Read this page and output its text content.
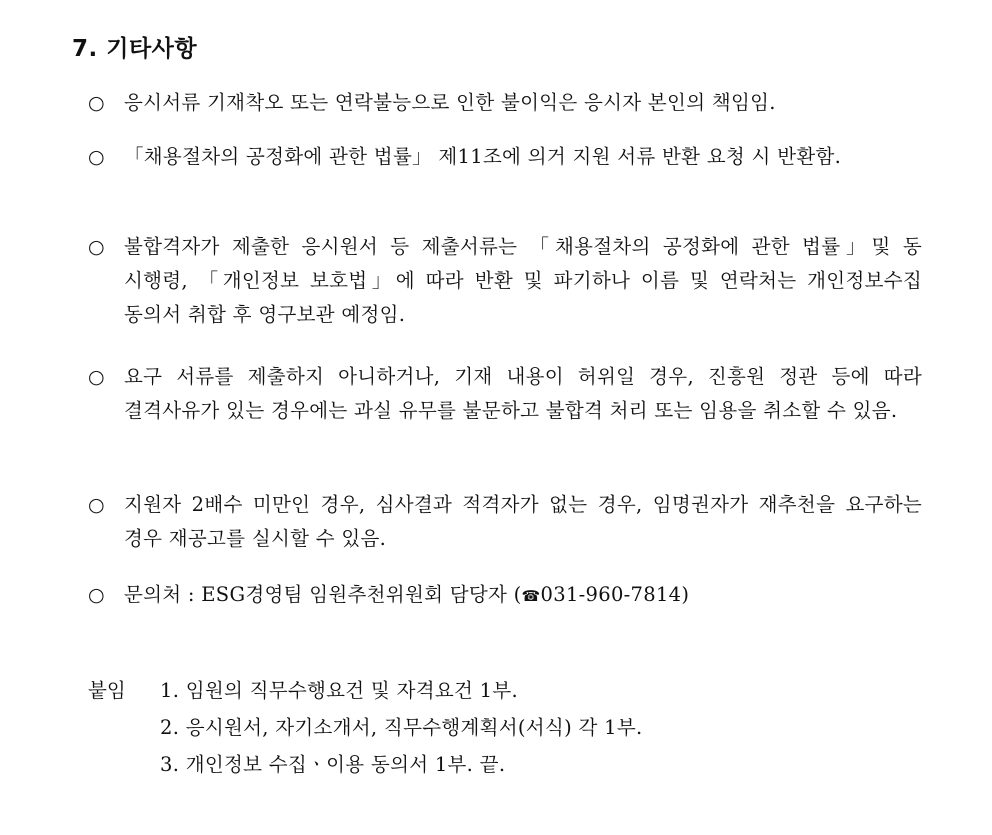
7. 기타사항
○ 응시서류 기재착오 또는 연락불능으로 인한 불이익은 응시자 본인의 책임임.
○ 「채용절차의 공정화에 관한 법률」 제11조에 의거 지원 서류 반환 요청 시 반환함.
○ 불합격자가 제출한 응시원서 등 제출서류는 「채용절차의 공정화에 관한 법률」및 동 시행령, 「개인정보 보호법」에 따라 반환 및 파기하나 이름 및 연락처는 개인정보수집 동의서 취합 후 영구보관 예정임.
○ 요구 서류를 제출하지 아니하거나, 기재 내용이 허위일 경우, 진흥원 정관 등에 따라 결격사유가 있는 경우에는 과실 유무를 불문하고 불합격 처리 또는 임용을 취소할 수 있음.
○ 지원자 2배수 미만인 경우, 심사결과 적격자가 없는 경우, 임명권자가 재추천을 요구하는 경우 재공고를 실시할 수 있음.
○ 문의처 : ESG경영팀 임원추천위원회 담당자 (☎031-960-7814)
붙임 1. 임원의 직무수행요건 및 자격요건 1부.
2. 응시원서, 자기소개서, 직무수행계획서(서식) 각 1부.
3. 개인정보 수집ㆍ이용 동의서 1부. 끝.
